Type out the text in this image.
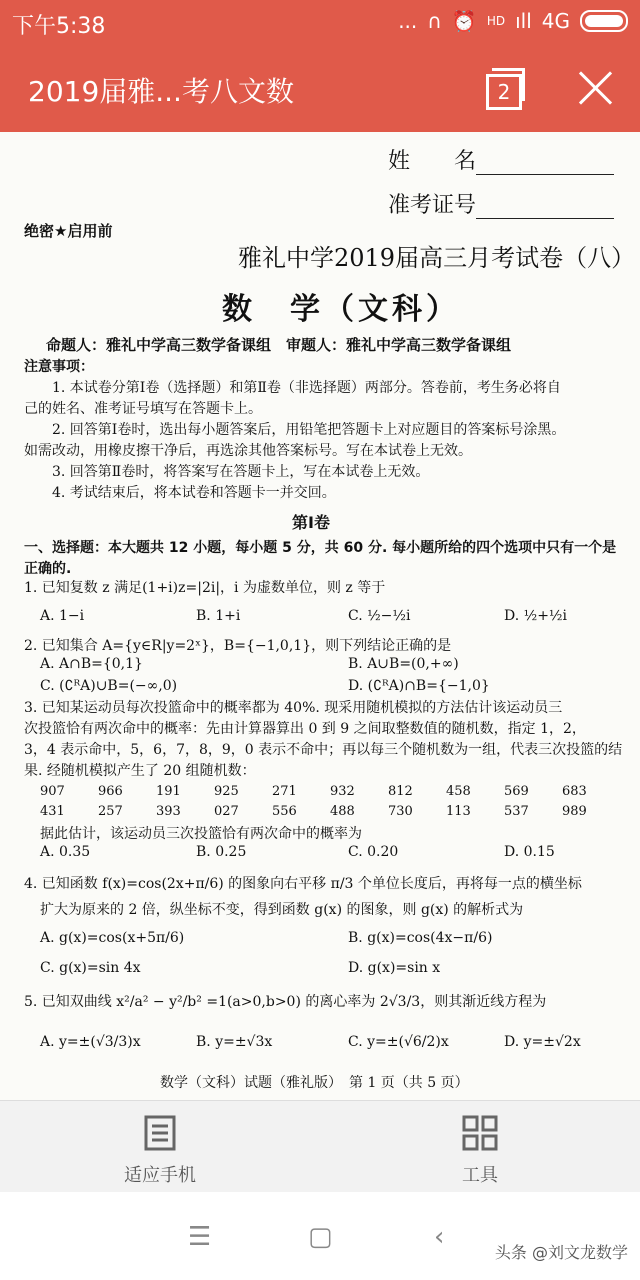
下午5:38	... ∩ ⏰ HD ıll 4G
2019届雅...考八文数	2
姓　　名
准考证号
绝密★启用前
雅礼中学2019届高三月考试卷（八）
数　学（文科）
命题人：雅礼中学高三数学备课组　审题人：雅礼中学高三数学备课组
注意事项：
1. 本试卷分第Ⅰ卷（选择题）和第Ⅱ卷（非选择题）两部分。答卷前，考生务必将自
己的姓名、准考证号填写在答题卡上。
2. 回答第Ⅰ卷时，选出每小题答案后，用铅笔把答题卡上对应题目的答案标号涂黑。
如需改动，用橡皮擦干净后，再选涂其他答案标号。写在本试卷上无效。
3. 回答第Ⅱ卷时，将答案写在答题卡上，写在本试卷上无效。
4. 考试结束后，将本试卷和答题卡一并交回。
第Ⅰ卷
一、选择题：本大题共 12 小题，每小题 5 分，共 60 分. 每小题所给的四个选项中只有一个是
正确的.
1. 已知复数 z 满足(1+i)z=|2i|，i 为虚数单位，则 z 等于
A. 1−i	B. 1+i	C. ½−½i	D. ½+½i
2. 已知集合 A={y∈R|y=2ˣ}，B={−1,0,1}，则下列结论正确的是
A. A∩B={0,1}	B. A∪B=(0,+∞)
C. (∁ᴿA)∪B=(−∞,0)	D. (∁ᴿA)∩B={−1,0}
3. 已知某运动员每次投篮命中的概率都为 40%. 现采用随机模拟的方法估计该运动员三
次投篮恰有两次命中的概率：先由计算器算出 0 到 9 之间取整数值的随机数，指定 1，2，
3，4 表示命中，5，6，7，8，9，0 表示不命中；再以每三个随机数为一组，代表三次投篮的结
果. 经随机模拟产生了 20 组随机数：
907	966	191	925	271	932	812	458	569	683
431	257	393	027	556	488	730	113	537	989
据此估计，该运动员三次投篮恰有两次命中的概率为
A. 0.35	B. 0.25	C. 0.20	D. 0.15
4. 已知函数 f(x)=cos(2x+π/6) 的图象向右平移 π/3 个单位长度后，再将每一点的横坐标
扩大为原来的 2 倍，纵坐标不变，得到函数 g(x) 的图象，则 g(x) 的解析式为
A. g(x)=cos(x+5π/6)	B. g(x)=cos(4x−π/6)
C. g(x)=sin 4x	D. g(x)=sin x
5. 已知双曲线 x²/a² − y²/b² =1(a>0,b>0) 的离心率为 2√3/3，则其渐近线方程为
A. y=±(√3/3)x	B. y=±√3x	C. y=±(√6/2)x	D. y=±√2x
数学（文科）试题（雅礼版）　第 1 页（共 5 页）
适应手机	工具
☰	▢	‹
头条 @刘文龙数学
